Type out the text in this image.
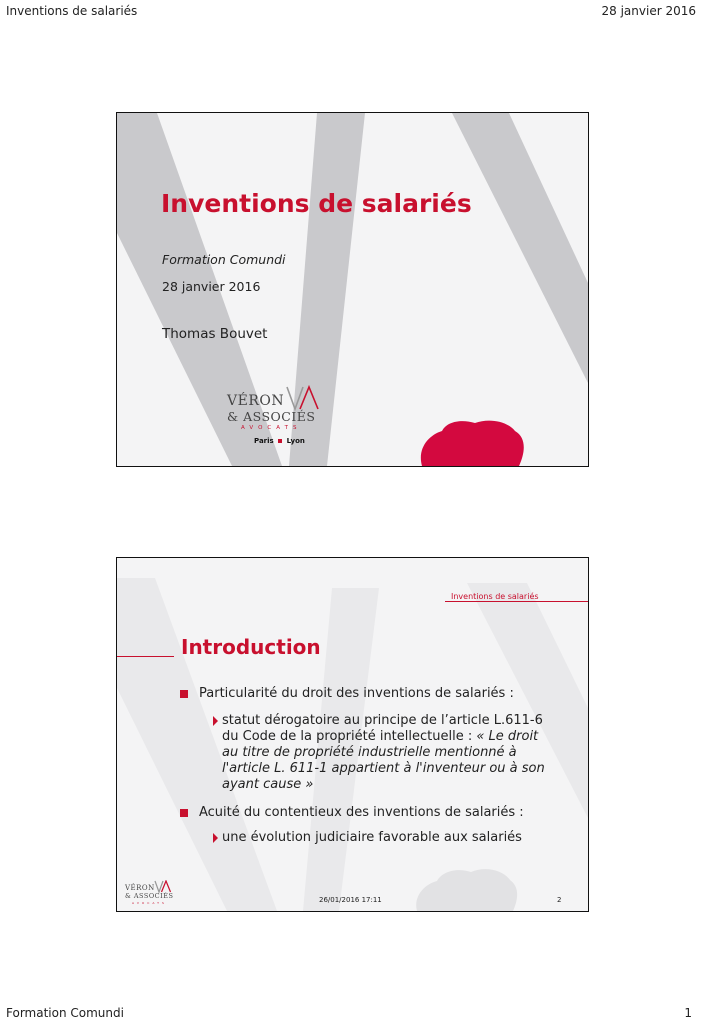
Inventions de salariés	28 janvier 2016
Inventions de salariés
Formation Comundi
28 janvier 2016
Thomas Bouvet
VÉRON	VA
& ASSOCIÉS
AVOCATS
Paris Lyon
Inventions de salariés
Introduction
Particularité du droit des inventions de salariés :
statut dérogatoire au principe de l’article L.611-6
du Code de la propriété intellectuelle : « Le droit
au titre de propriété industrielle mentionné à
l'article L. 611-1 appartient à l'inventeur ou à son
ayant cause »
Acuité du contentieux des inventions de salariés :
une évolution judiciaire favorable aux salariés
VÉRON
& ASSOCIÉS
AVOCATS	26/01/2016 17:11	2
Formation Comundi	1
